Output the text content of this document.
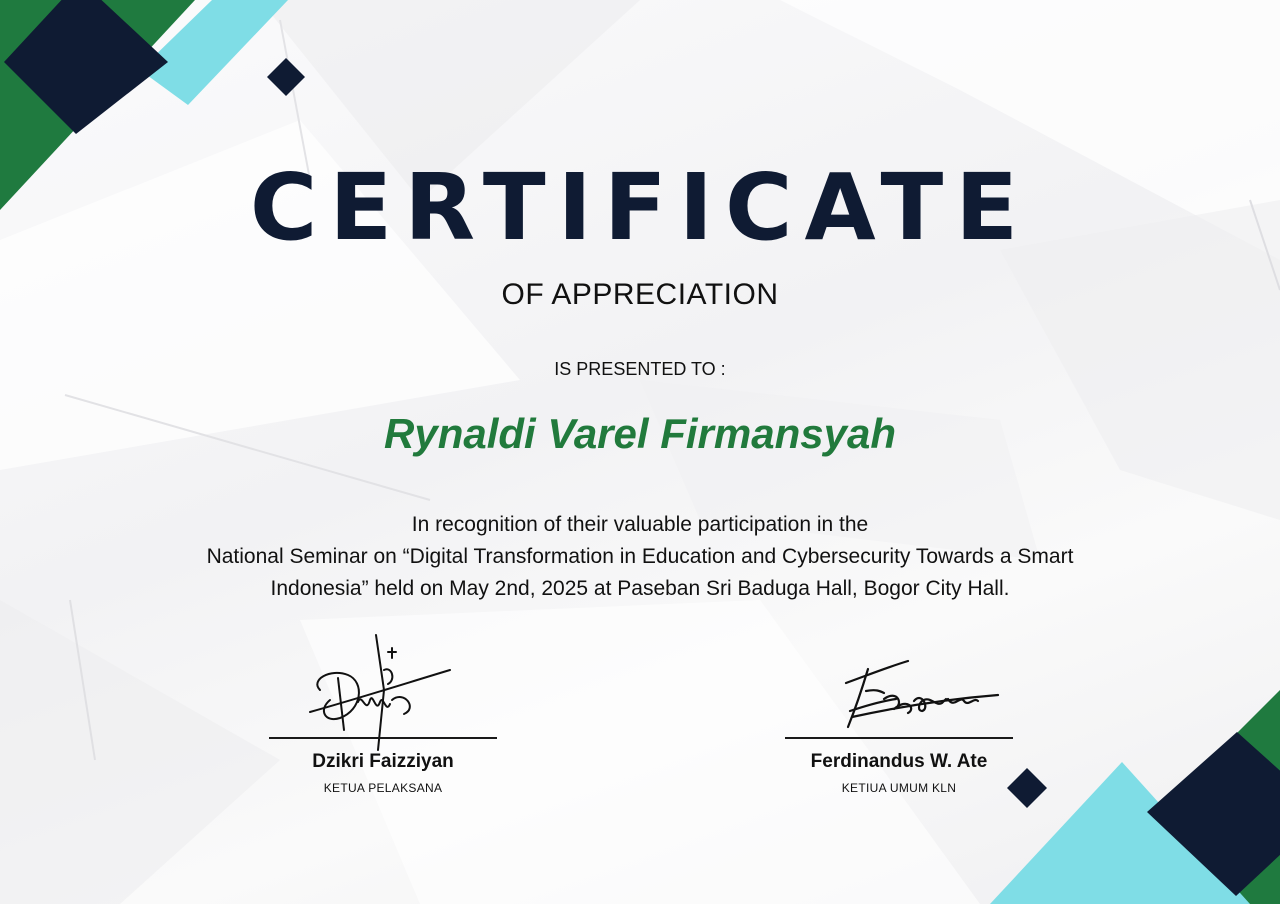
CERTIFICATE
OF APPRECIATION
IS PRESENTED TO :
Rynaldi Varel Firmansyah
In recognition of their valuable participation in the
National Seminar on “Digital Transformation in Education and Cybersecurity Towards a Smart
Indonesia” held on May 2nd, 2025 at Paseban Sri Baduga Hall, Bogor City Hall.
Dzikri Faizziyan
KETUA PELAKSANA
Ferdinandus W. Ate
KETIUA UMUM KLN
